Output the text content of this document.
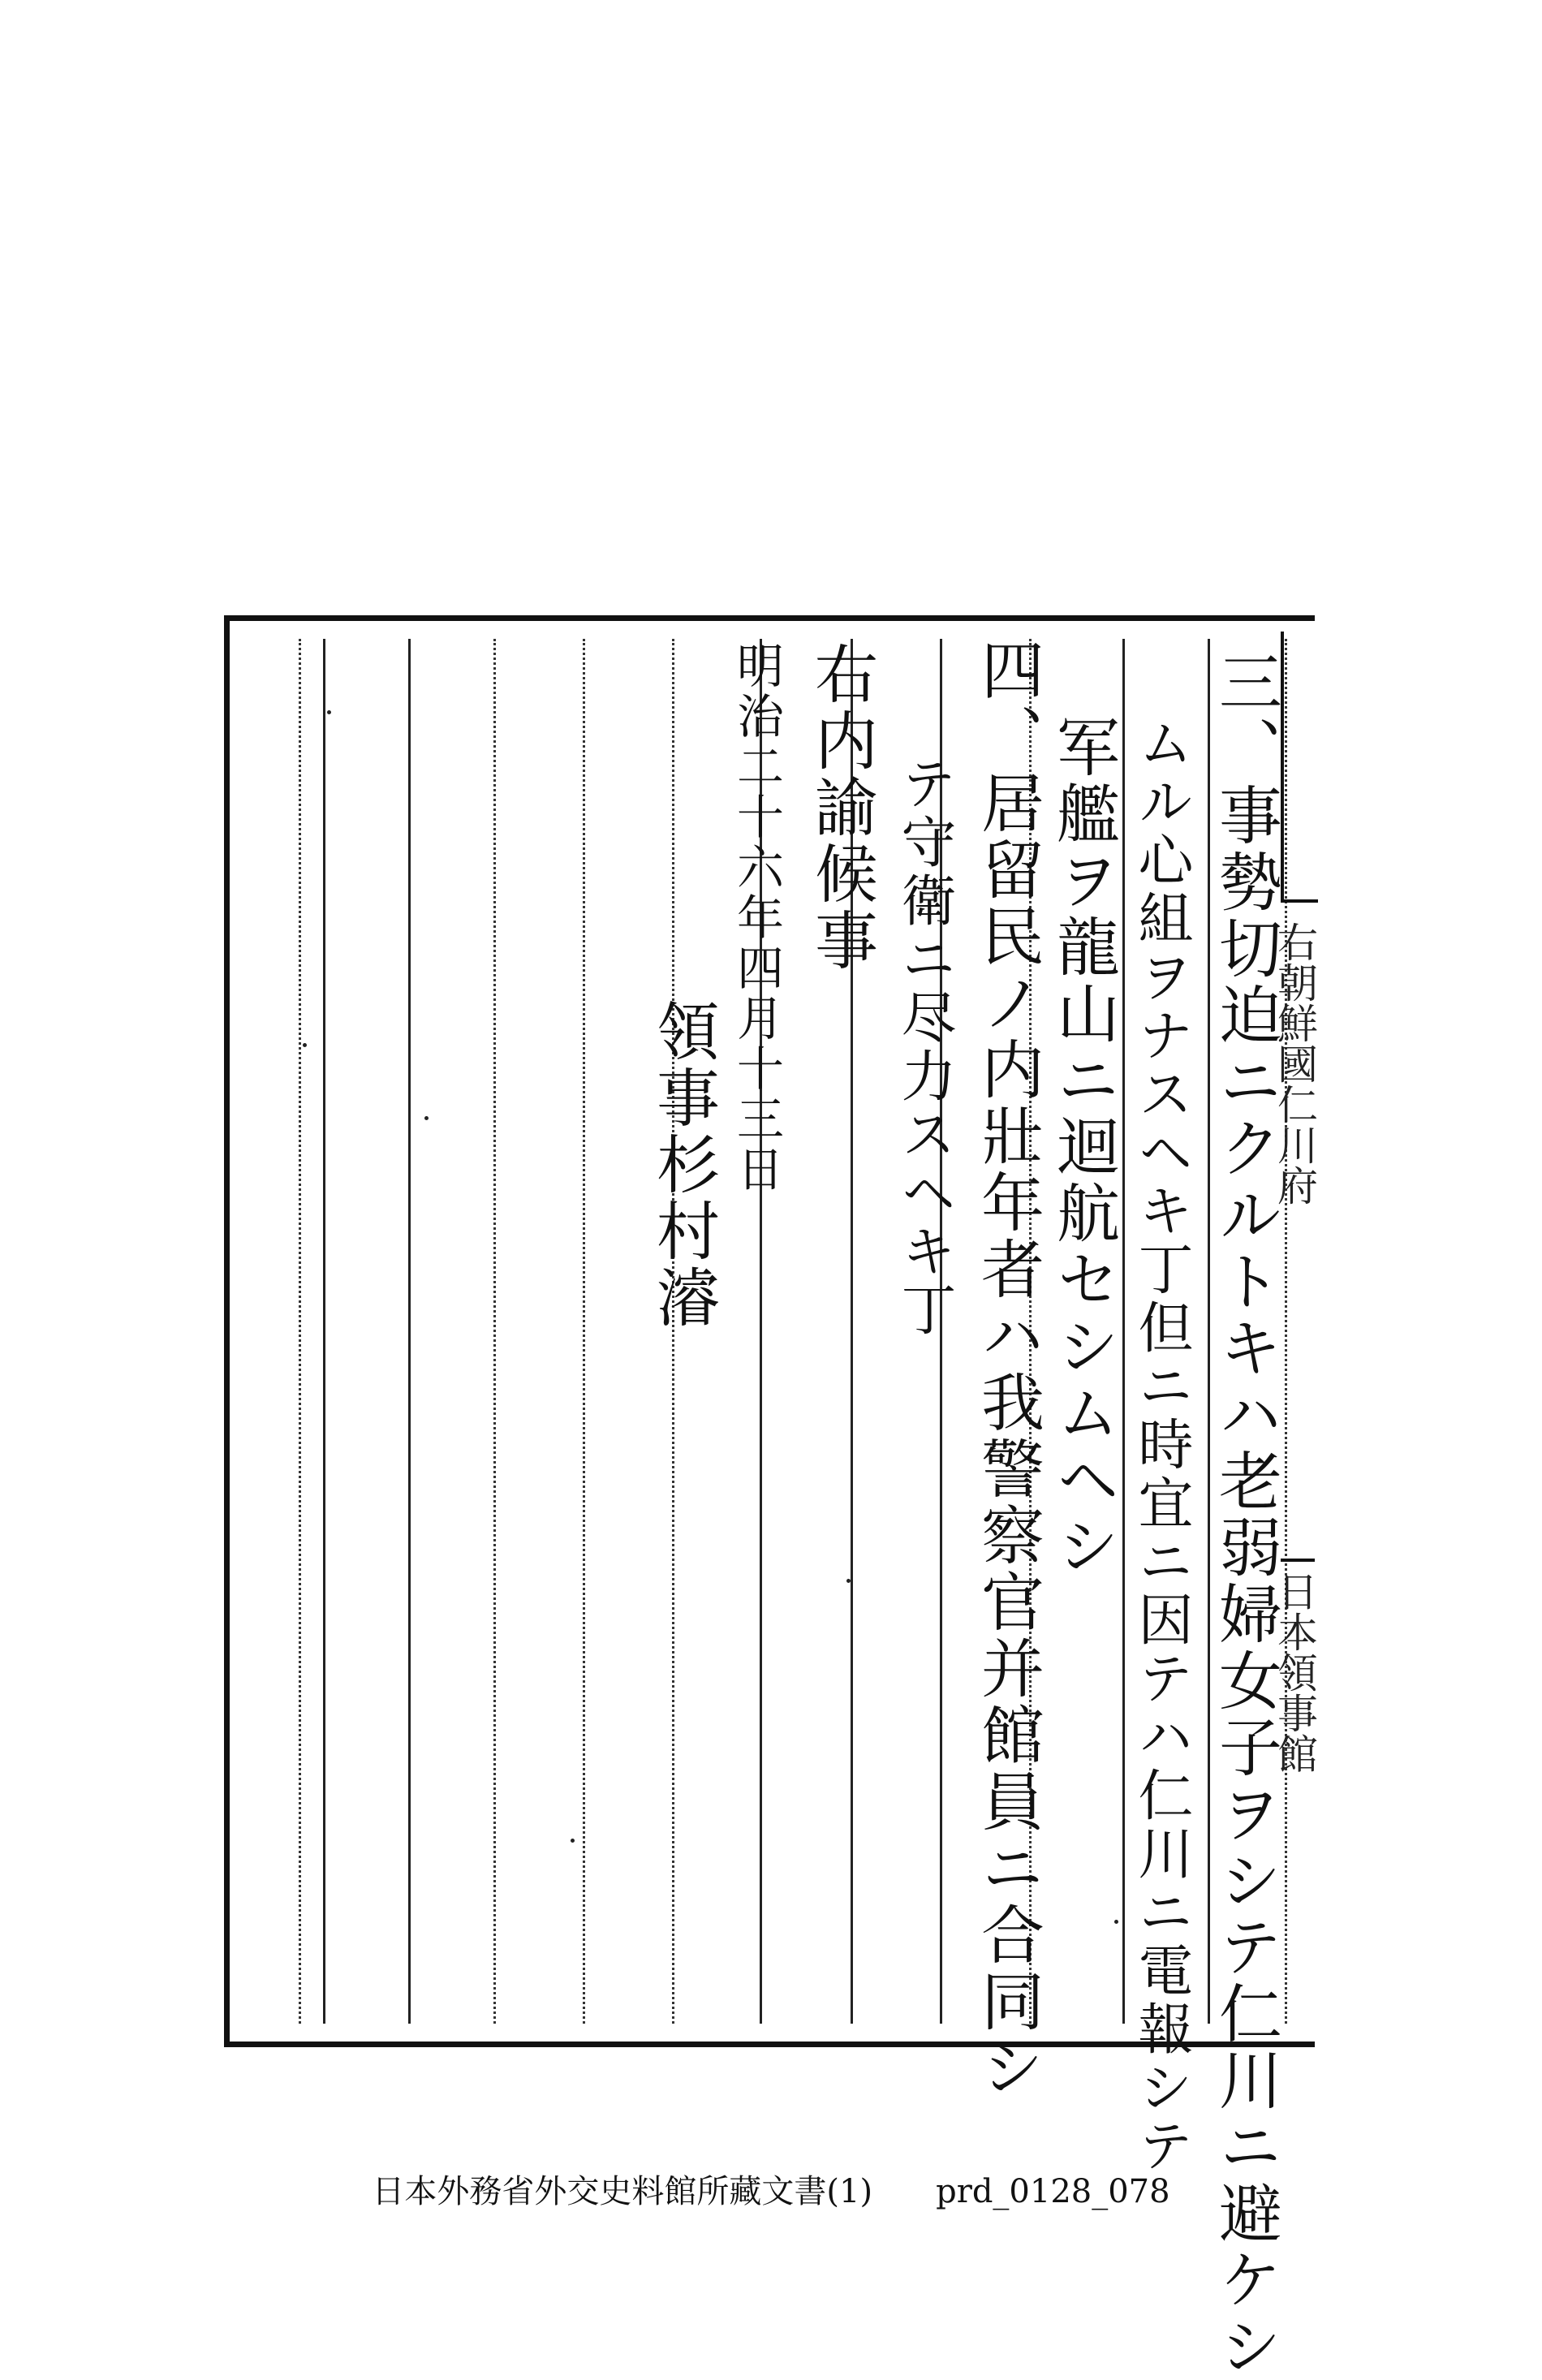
右朝鮮國仁川府
日本領事館
三、事勢切迫ニクルトキハ老弱婦女子ヲシテ仁川ニ避ケシ
ムル心組ヲナスヘキ丁但ニ時宜ニ因テハ仁川ニ電報シテ
军艦ヲ龍山ニ迴航セシムヘシ
四、居留民ノ内壯年者ハ我警察官并館員ニ合同シ
テ守衛ニ尽力スヘキ丁
右内諭候事
明治二十六年四月十三日
領事杉村濬
日本外務省外交史料館所藏文書(1) prd_0128_078
